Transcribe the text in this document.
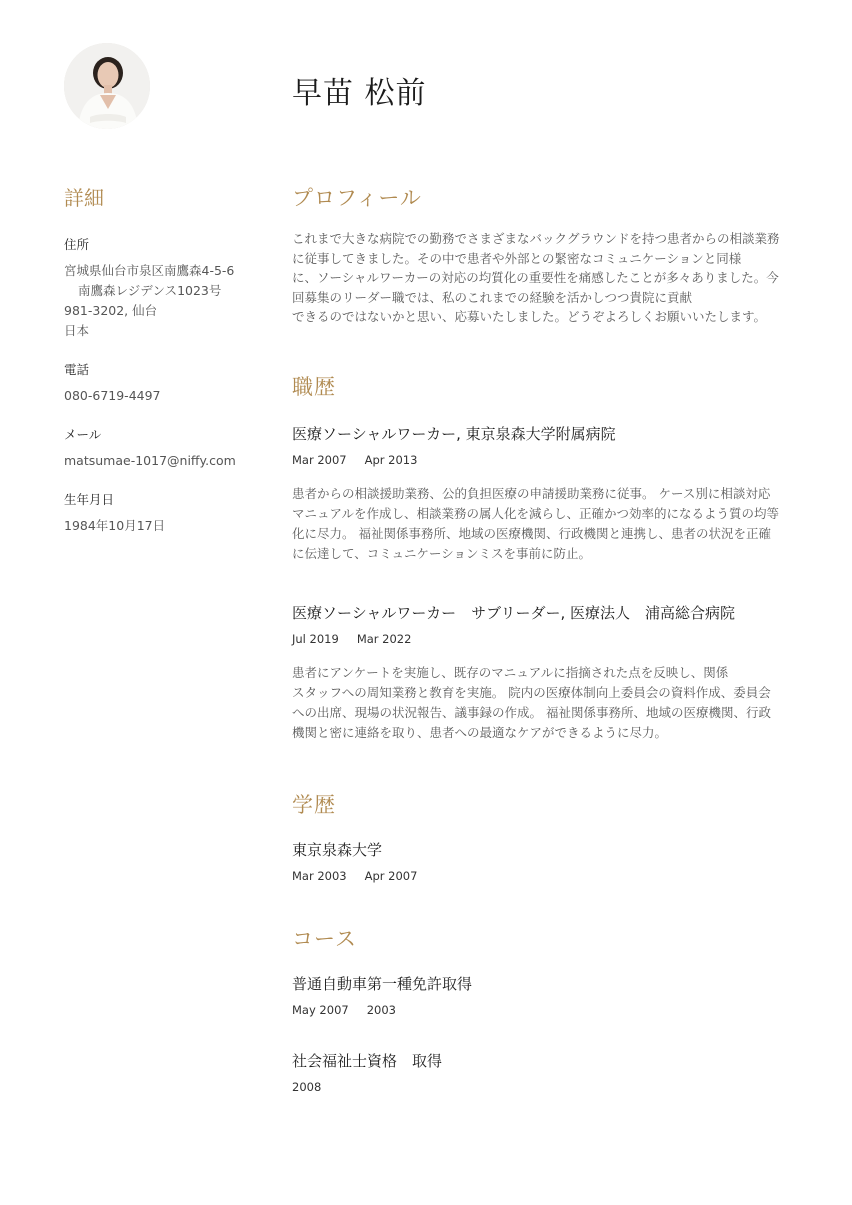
早苗 松前
詳細
住所
宮城県仙台市泉区南鷹森4-5-6
南鷹森レジデンス1023号
981-3202, 仙台
日本
電話
080-6719-4497
メール
matsumae-1017@niffy.com
生年月日
1984年10月17日
プロフィール
これまで大きな病院での勤務でさまざまなバックグラウンドを持つ患者からの相談業務
に従事してきました。その中で患者や外部との緊密なコミュニケーションと同様
に、ソーシャルワーカーの対応の均質化の重要性を痛感したことが多々ありました。今
回募集のリーダー職では、私のこれまでの経験を活かしつつ貴院に貢献
できるのではないかと思い、応募いたしました。どうぞよろしくお願いいたします。
職歴
医療ソーシャルワーカー, 東京泉森大学附属病院
Mar 2007 Apr 2013
患者からの相談援助業務、公的負担医療の申請援助業務に従事。 ケース別に相談対応
マニュアルを作成し、相談業務の属人化を減らし、正確かつ効率的になるよう質の均等
化に尽力。 福祉関係事務所、地域の医療機関、行政機関と連携し、患者の状況を正確
に伝達して、コミュニケーションミスを事前に防止。
医療ソーシャルワーカー　サブリーダー, 医療法人　浦高総合病院
Jul 2019 Mar 2022
患者にアンケートを実施し、既存のマニュアルに指摘された点を反映し、関係
スタッフへの周知業務と教育を実施。 院内の医療体制向上委員会の資料作成、委員会
への出席、現場の状況報告、議事録の作成。 福祉関係事務所、地域の医療機関、行政
機関と密に連絡を取り、患者への最適なケアができるように尽力。
学歴
東京泉森大学
Mar 2003 Apr 2007
コース
普通自動車第一種免許取得
May 2007 2003
社会福祉士資格　取得
2008
